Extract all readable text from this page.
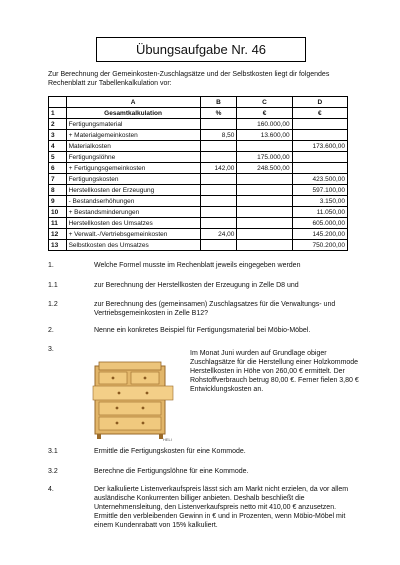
Übungsaufgabe Nr. 46
Zur Berechnung der Gemeinkosten-Zuschlagsätze und der Selbstkosten liegt dir folgendes Rechenblatt zur Tabellenkalkulation vor:
	A	B	C	D
1	Gesamtkalkulation	%	€	€
2	Fertigungsmaterial		160.000,00	
3	+ Materialgemeinkosten	8,50	13.600,00	
4	Materialkosten			173.600,00
5	Fertigungslöhne		175.000,00	
6	+ Fertigungsgemeinkosten	142,00	248.500,00	
7	Fertigungskosten			423.500,00
8	Herstellkosten der Erzeugung			597.100,00
9	- Bestandserhöhungen			3.150,00
10	+ Bestandsminderungen			11.050,00
11	Herstellkosten des Umsatzes			605.000,00
12	+ Verwalt.-/Vertriebsgemeinkosten	24,00		145.200,00
13	Selbstkosten des Umsatzes			750.200,00
1.	Welche Formel musste im Rechenblatt jeweils eingegeben werden
1.1	zur Berechnung der Herstellkosten der Erzeugung in Zelle D8 und
1.2	zur Berechnung des (gemeinsamen) Zuschlagsatzes für die Verwaltungs- und Vertriebsgemeinkosten in Zelle B12?
2.	Nenne ein konkretes Beispiel für Fertigungsmaterial bei Möbio-Möbel.
3.
HELI
Im Monat Juni wurden auf Grundlage obiger Zuschlagsätze für die Herstellung einer Holzkommode Herstellkosten in Höhe von 260,00 € ermittelt. Der Rohstoffverbrauch betrug 80,00 €. Ferner fielen 3,80 € Entwicklungskosten an.
3.1	Ermittle die Fertigungskosten für eine Kommode.
3.2	Berechne die Fertigungslöhne für eine Kommode.
4.	Der kalkulierte Listenverkaufspreis lässt sich am Markt nicht erzielen, da vor allem ausländische Konkurrenten billiger anbieten. Deshalb beschließt die Unternehmensleitung, den Listenverkaufspreis netto mit 410,00 € anzusetzen.
Ermittle den verbleibenden Gewinn in € und in Prozenten, wenn Möbio-Möbel mit einem Kundenrabatt von 15% kalkuliert.
